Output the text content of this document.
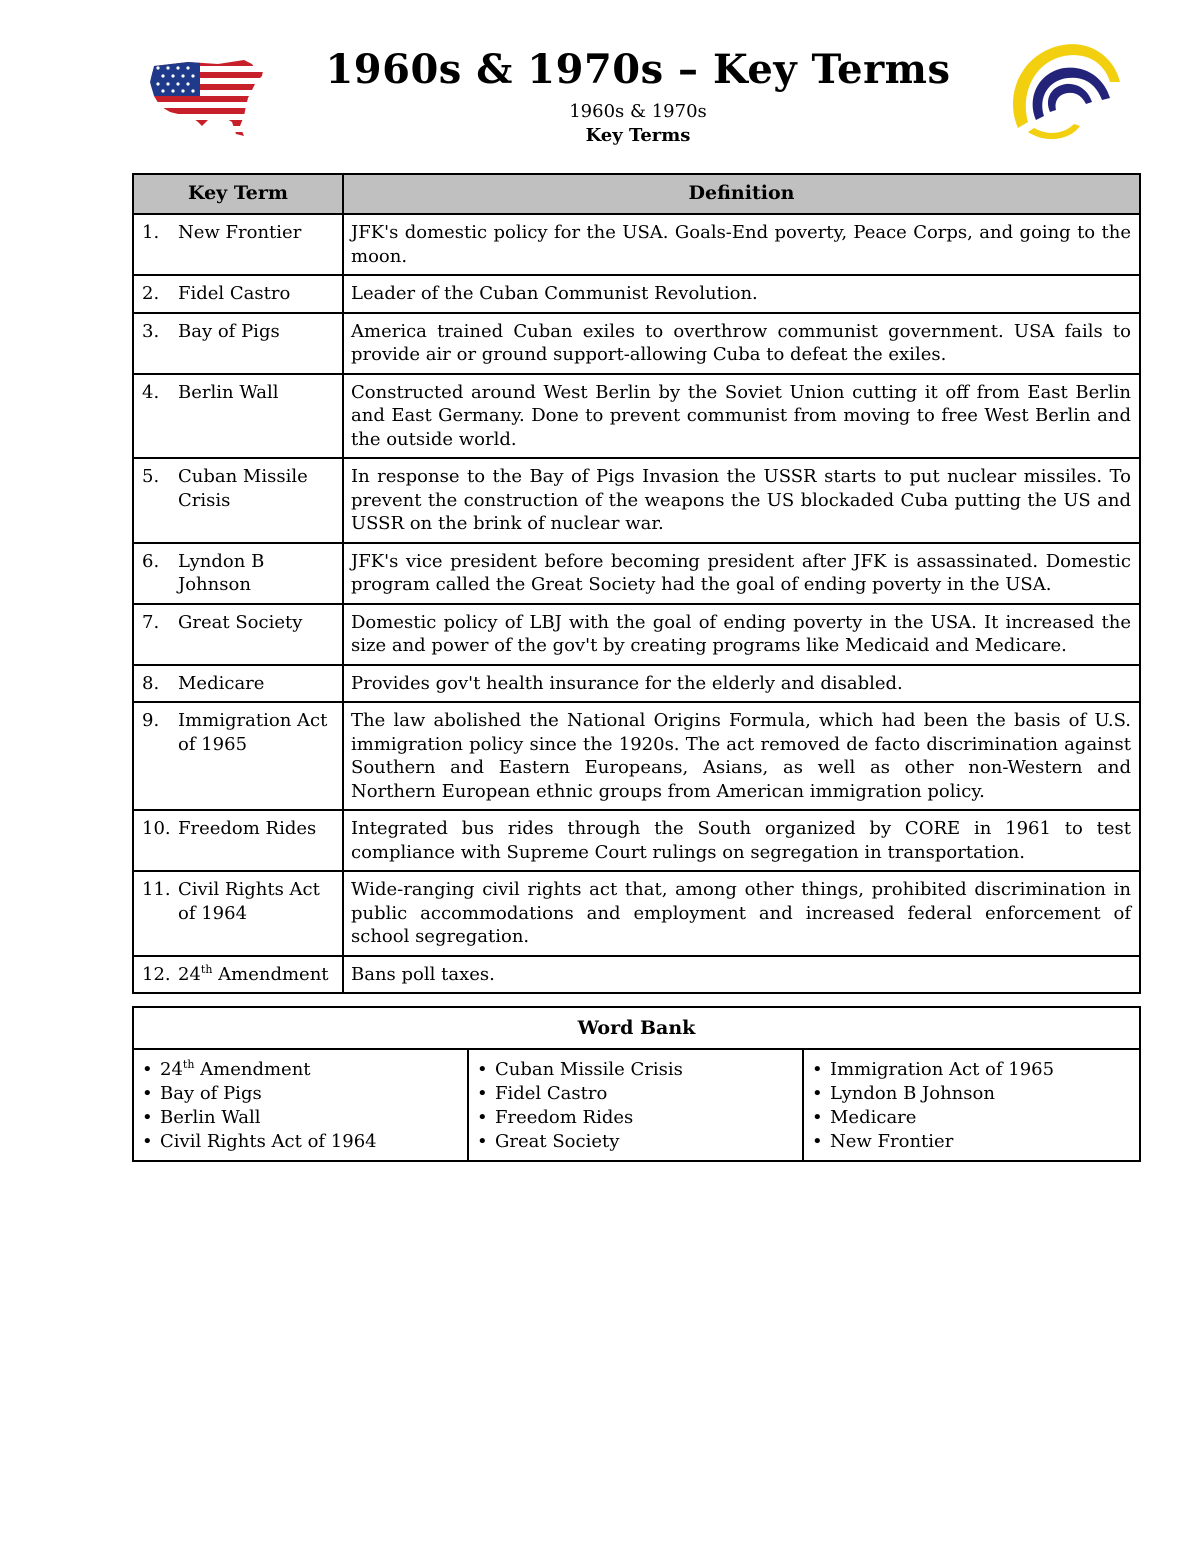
1960s & 1970s – Key Terms
1960s & 1970s
Key Terms
Key Term	Definition

1. New Frontier	JFK's domestic policy for the USA. Goals-End poverty, Peace Corps, and going to the moon.

2. Fidel Castro	Leader of the Cuban Communist Revolution.

3. Bay of Pigs	America trained Cuban exiles to overthrow communist government. USA fails to provide air or ground support-allowing Cuba to defeat the exiles.

4. Berlin Wall	Constructed around West Berlin by the Soviet Union cutting it off from East Berlin and East Germany. Done to prevent communist from moving to free West Berlin and the outside world.

5. Cuban Missile Crisis	In response to the Bay of Pigs Invasion the USSR starts to put nuclear missiles. To prevent the construction of the weapons the US blockaded Cuba putting the US and USSR on the brink of nuclear war.

6. Lyndon B Johnson	JFK's vice president before becoming president after JFK is assassinated. Domestic program called the Great Society had the goal of ending poverty in the USA.

7. Great Society	Domestic policy of LBJ with the goal of ending poverty in the USA. It increased the size and power of the gov't by creating programs like Medicaid and Medicare.

8. Medicare	Provides gov't health insurance for the elderly and disabled.

9. Immigration Act of 1965	The law abolished the National Origins Formula, which had been the basis of U.S. immigration policy since the 1920s. The act removed de facto discrimination against Southern and Eastern Europeans, Asians, as well as other non-Western and Northern European ethnic groups from American immigration policy.

10. Freedom Rides	Integrated bus rides through the South organized by CORE in 1961 to test compliance with Supreme Court rulings on segregation in transportation.

11. Civil Rights Act of 1964	Wide-ranging civil rights act that, among other things, prohibited discrimination in public accommodations and employment and increased federal enforcement of school segregation.

12. 24th Amendment	Bans poll taxes.
Word Bank

• 24th Amendment
• Bay of Pigs
• Berlin Wall
• Civil Rights Act of 1964

• Cuban Missile Crisis
• Fidel Castro
• Freedom Rides
• Great Society

• Immigration Act of 1965
• Lyndon B Johnson
• Medicare
• New Frontier
